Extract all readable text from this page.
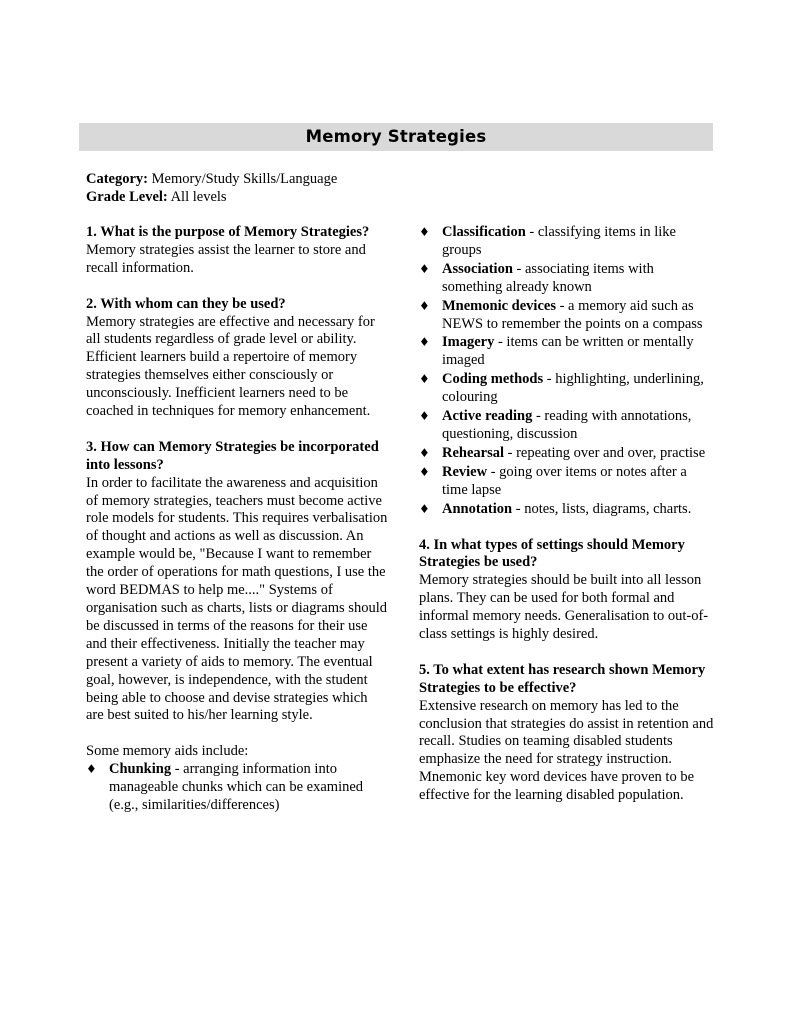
Memory Strategies
Category: Memory/Study Skills/Language
Grade Level: All levels

1. What is the purpose of Memory Strategies?

Memory strategies assist the learner to store and recall information.

2. With whom can they be used?

Memory strategies are effective and necessary for all students regardless of grade level or ability.

Efficient learners build a repertoire of memory strategies themselves either consciously or unconsciously. Inefficient learners need to be coached in techniques for memory enhancement.

3. How can Memory Strategies be incorporated into lessons?

In order to facilitate the awareness and acquisition of memory strategies, teachers must become active role models for students. This requires verbalisation of thought and actions as well as discussion. An example would be, "Because I want to remember the order of operations for math questions, I use the word BEDMAS to help me...." Systems of organisation such as charts, lists or diagrams should be discussed in terms of the reasons for their use and their effectiveness. Initially the teacher may present a variety of aids to memory. The eventual goal, however, is independence, with the student being able to choose and devise strategies which are best suited to his/her learning style.

Some memory aids include:

♦ Chunking - arranging information into manageable chunks which can be examined (e.g., similarities/differences)
♦ Classification - classifying items in like groups
♦ Association - associating items with something already known
♦ Mnemonic devices - a memory aid such as NEWS to remember the points on a compass
♦ Imagery - items can be written or mentally imaged
♦ Coding methods - highlighting, underlining, colouring
♦ Active reading - reading with annotations, questioning, discussion
♦ Rehearsal - repeating over and over, practise
♦ Review - going over items or notes after a time lapse
♦ Annotation - notes, lists, diagrams, charts.

4. In what types of settings should Memory Strategies be used?

Memory strategies should be built into all lesson plans. They can be used for both formal and informal memory needs. Generalisation to out-of-class settings is highly desired.

5. To what extent has research shown Memory Strategies to be effective?

Extensive research on memory has led to the conclusion that strategies do assist in retention and recall. Studies on teaming disabled students emphasize the need for strategy instruction. Mnemonic key word devices have proven to be effective for the learning disabled population.
